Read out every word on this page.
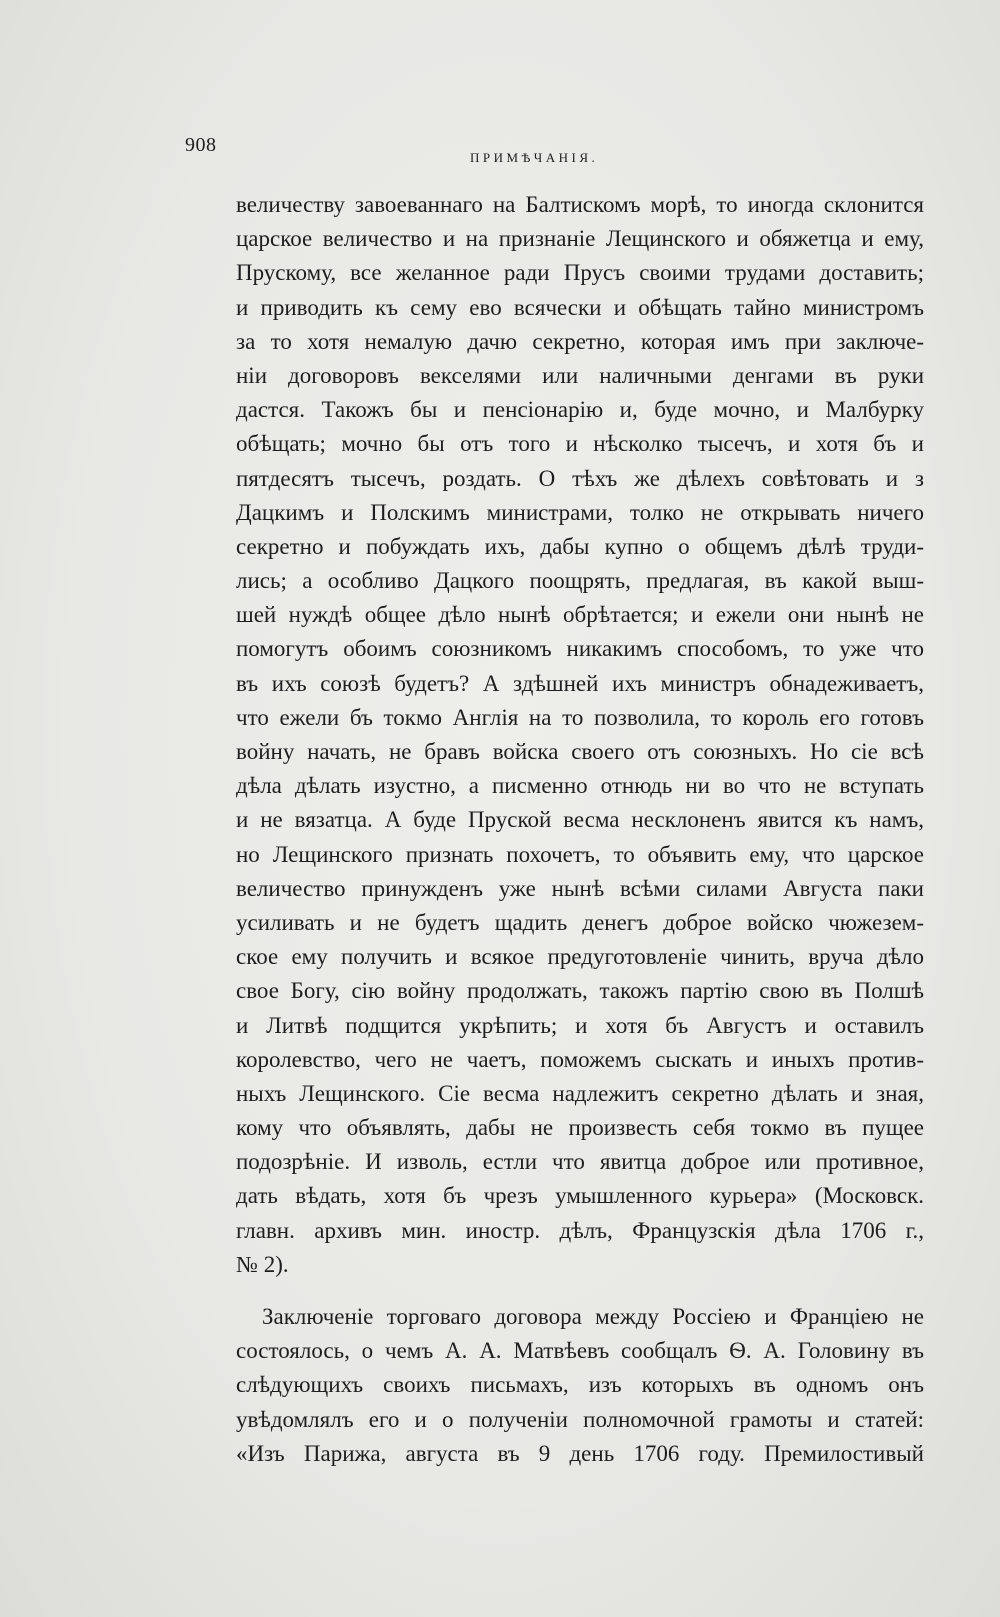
908
ПРИМѢЧАНІЯ.
величеству завоеваннаго на Балтискомъ морѣ, то иногда склонится
царское величество и на признаніе Лещинского и обяжетца и ему,
Прускому, все желанное ради Прусъ своими трудами доставить;
и приводить къ сему ево всячески и обѣщать тайно министромъ
за то хотя немалую дачю секретно, которая имъ при заключе-
ніи договоровъ векселями или наличными денгами въ руки
дастся. Такожъ бы и пенсіонарію и, буде мочно, и Малбурку
обѣщать; мочно бы отъ того и нѣсколко тысечъ, и хотя бъ и
пятдесятъ тысечъ, роздать. О тѣхъ же дѣлехъ совѣтовать и з
Дацкимъ и Полскимъ министрами, толко не открывать ничего
секретно и побуждать ихъ, дабы купно о общемъ дѣлѣ труди-
лись; а особливо Дацкого поощрять, предлагая, въ какой выш-
шей нуждѣ общее дѣло нынѣ обрѣтается; и ежели они нынѣ не
помогутъ обоимъ союзникомъ никакимъ способомъ, то уже что
въ ихъ союзѣ будетъ? А здѣшней ихъ министръ обнадеживаетъ,
что ежели бъ токмо Англія на то позволила, то король его готовъ
войну начать, не бравъ войска своего отъ союзныхъ. Но сіе всѣ
дѣла дѣлать изустно, а писменно отнюдь ни во что не вступать
и не вязатца. А буде Пруской весма несклоненъ явится къ намъ,
но Лещинского признать похочетъ, то объявить ему, что царское
величество принужденъ уже нынѣ всѣми силами Августа паки
усиливать и не будетъ щадить денегъ доброе войско чюжезем-
ское ему получить и всякое предуготовленіе чинить, вруча дѣло
свое Богу, сію войну продолжать, такожъ партію свою въ Полшѣ
и Литвѣ подщится укрѣпить; и хотя бъ Августъ и оставилъ
королевство, чего не чаетъ, поможемъ сыскать и иныхъ против-
ныхъ Лещинского. Сіе весма надлежитъ секретно дѣлать и зная,
кому что объявлять, дабы не произвесть себя токмо въ пущее
подозрѣніе. И изволь, естли что явитца доброе или противное,
дать вѣдать, хотя бъ чрезъ умышленного курьера» (Московск.
главн. архивъ мин. иностр. дѣлъ, Французскія дѣла 1706 г.,
№ 2).
Заключеніе торговаго договора между Россіею и Франціею не
состоялось, о чемъ А. А. Матвѣевъ сообщалъ Ѳ. А. Головину въ
слѣдующихъ своихъ письмахъ, изъ которыхъ въ одномъ онъ
увѣдомлялъ его и о полученіи полномочной грамоты и статей:
«Изъ Парижа, августа въ 9 день 1706 году. Премилостивый
